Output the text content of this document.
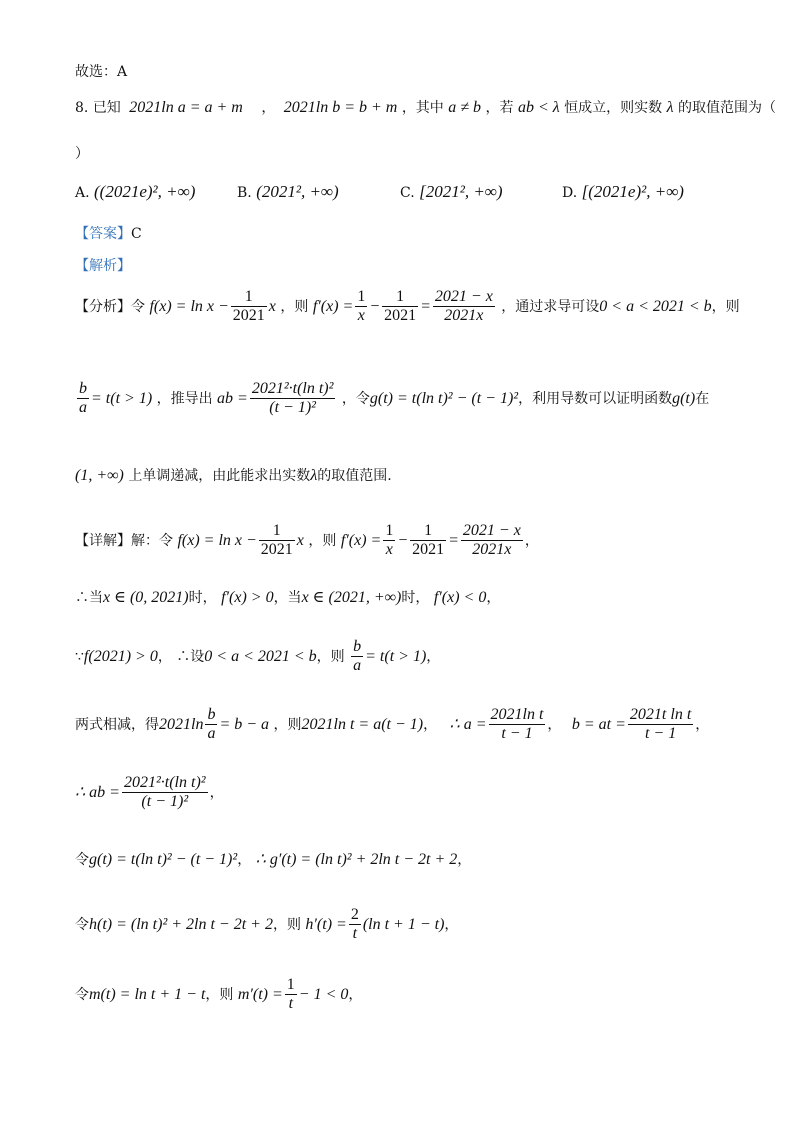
故选：A
8. 已知 2021ln a = a + m ， 2021ln b = b + m ，其中 a ≠ b ，若 ab < λ 恒成立，则实数 λ 的取值范围为（
）
A. ((2021e)², +∞)	B. (2021², +∞)	C. [2021², +∞)	D. [(2021e)², +∞)
【答案】C
【解析】
【分析】令 $f(x) = \ln x - \frac{1}{2021}$ x ，则 $f'(x) = \frac{1}{x} - \frac{1}{2021} = \frac{2021 - x}{2021x}$ ，通过求导可设0 < a < 2021 < b，则
$\frac{b}{a} = t(t > 1)$ ，推导出 ab = $\frac{\text{2021²·t(ln t)²}}{\text{(t − 1)²}}$ ，令g(t) = t(ln t)² − (t − 1)²，利用导数可以证明函数g(t)在
(1, +∞) 上单调递减，由此能求出实数λ的取值范围.
【详解】解：令 $f(x) = \ln x - \frac{1}{2021}$ x ，则 $f'(x) = \frac{1}{x} - \frac{1}{2021} = \frac{2021 - x}{2021x}$ ，
∴当x ∈ (0, 2021)时， f′(x) > 0，当x ∈ (2021, +∞)时， f′(x) < 0，
∵f(2021) > 0， ∴设0 < a < 2021 < b，则 $\frac{b}{a} = t(t > 1)$，
两式相减，得$2021\ln \frac{b}{a} = b - a$ ，则2021ln t = a(t − 1)， ∴ $a = \frac{\text{2021ln t}}{t - 1}$ ， b = at = $\frac{\text{2021t ln t}}{t - 1}$ ，
∴ ab = $\frac{\text{2021²·t(ln t)²}}{\text{(t − 1)²}}$ ，
令g(t) = t(ln t)² − (t − 1)²， ∴ g′(t) = (ln t)² + 2ln t − 2t + 2，
令h(t) = (ln t)² + 2ln t − 2t + 2，则 $h'(t) = \frac{2}{t} (\ln$ t + 1 − t)，
令m(t) = ln t + 1 − t，则 $m'(t) = \frac{1}{t} - 1 < 0$，
